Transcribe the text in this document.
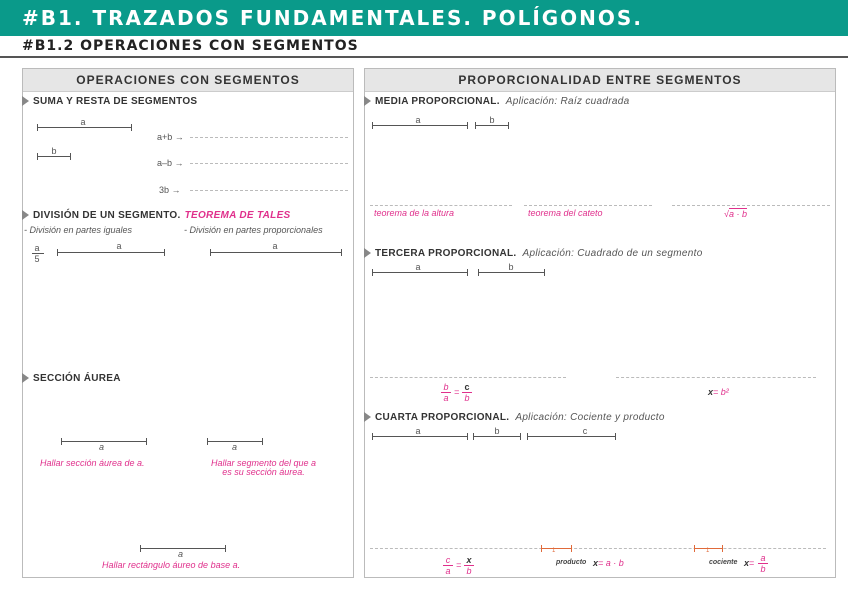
#B1. TRAZADOS FUNDAMENTALES. POLÍGONOS.
#B1.2 OPERACIONES CON SEGMENTOS
OPERACIONES CON SEGMENTOS
SUMA Y RESTA DE SEGMENTOS
a
b
a+b →
a–b →
3b →
DIVISIÓN DE UN SEGMENTO. TEOREMA DE TALES
- División en partes iguales	- División en partes proporcionales
a
5
a	a
SECCIÓN ÁUREA
a	a
Hallar sección áurea de a.	Hallar segmento del que a
es su sección áurea.
a
Hallar rectángulo áureo de base a.
PROPORCIONALIDAD ENTRE SEGMENTOS
MEDIA PROPORCIONAL. Aplicación: Raíz cuadrada
a	b
teorema de la altura	teorema del cateto	√a · b
TERCERA PROPORCIONAL. Aplicación: Cuadrado de un segmento
a	b
b
a
= c
b
x= b²
CUARTA PROPORCIONAL. Aplicación: Cociente y producto
a	b	c
c
a
= x
b
1
producto x= a · b
1
cociente x= a
b
